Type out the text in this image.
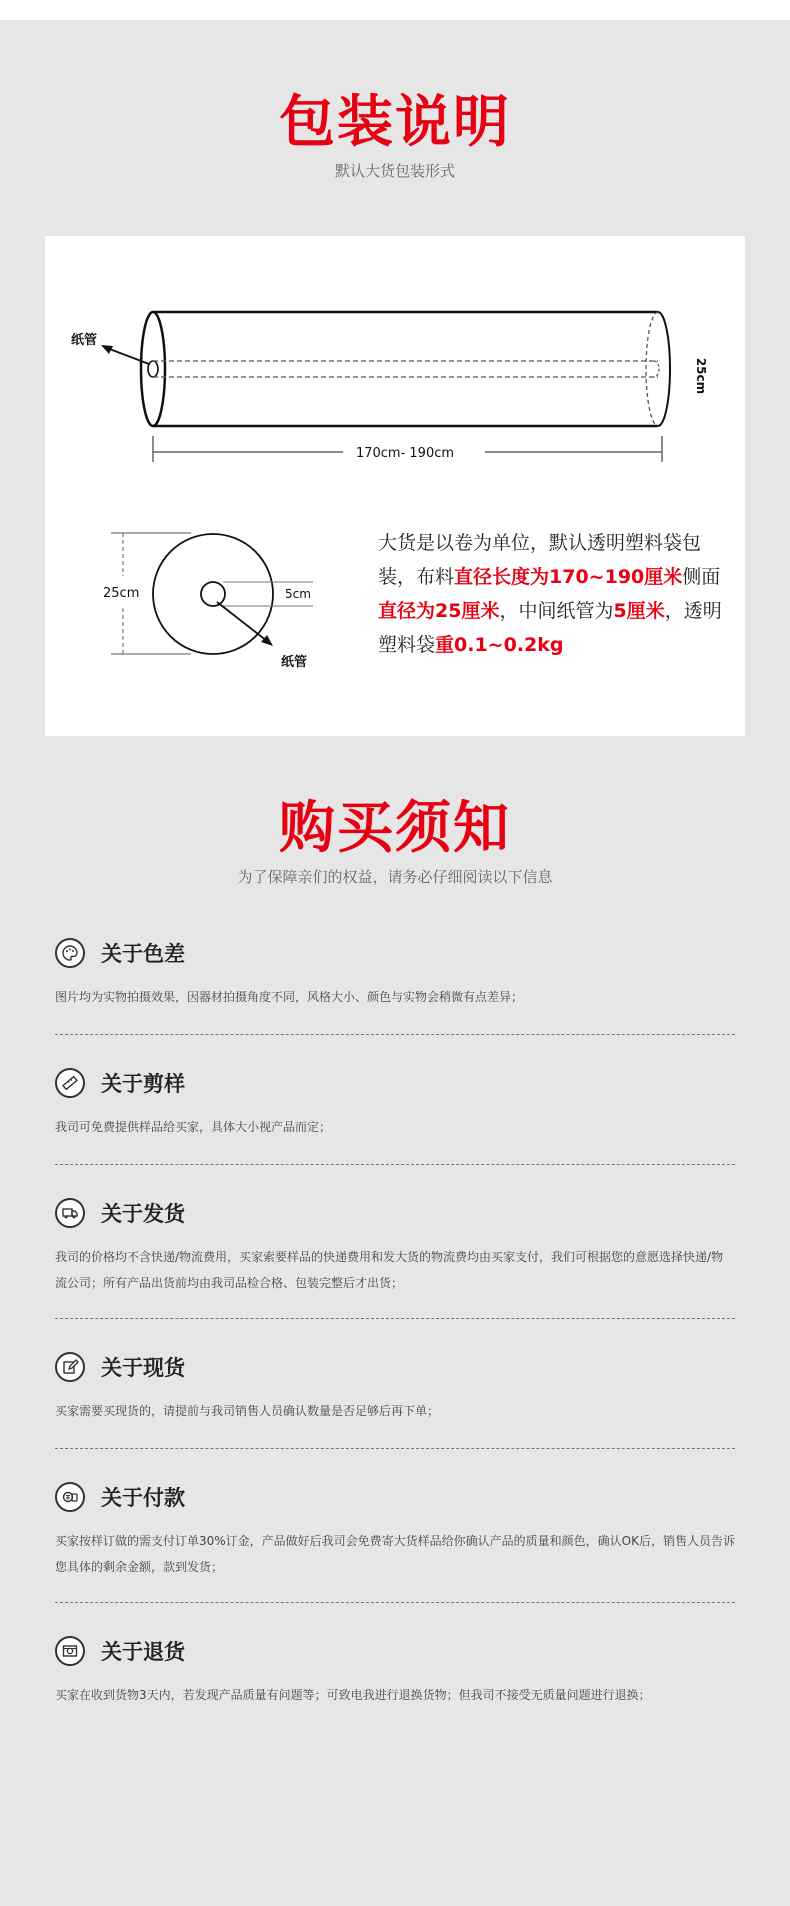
包装说明
默认大货包装形式
纸管
25cm
170cm- 190cm
25cm	5cm
纸管
大货是以卷为单位，默认透明塑料袋包装，布料直径长度为170~190厘米侧面直径为25厘米，中间纸管为5厘米，透明塑料袋重0.1~0.2kg
购买须知
为了保障亲们的权益，请务必仔细阅读以下信息
关于色差
图片均为实物拍摄效果，因器材拍摄角度不同，风格大小、颜色与实物会稍微有点差异；
关于剪样
我司可免费提供样品给买家，具体大小视产品而定；
关于发货
我司的价格均不含快递/物流费用，买家索要样品的快递费用和发大货的物流费均由买家支付，我们可根据您的意愿选择快递/物流公司；所有产品出货前均由我司品检合格、包装完整后才出货；
关于现货
买家需要买现货的，请提前与我司销售人员确认数量是否足够后再下单；
关于付款
买家按样订做的需支付订单30%订金，产品做好后我司会免费寄大货样品给你确认产品的质量和颜色，确认OK后，销售人员告诉您具体的剩余金额，款到发货；
关于退货
买家在收到货物3天内，若发现产品质量有问题等；可致电我进行退换货物；但我司不接受无质量问题进行退换；
